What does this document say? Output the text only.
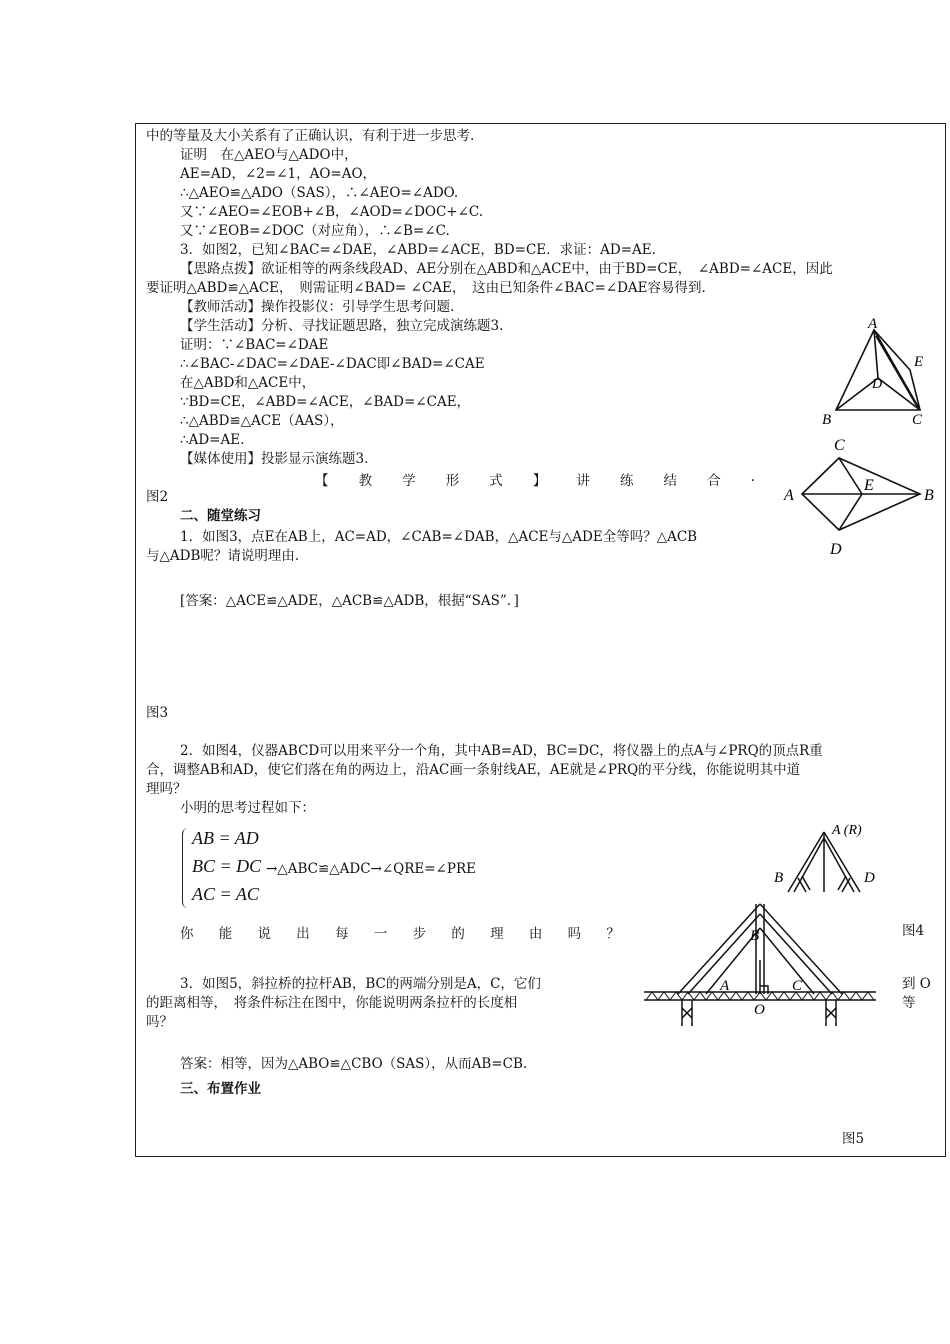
中的等量及大小关系有了正确认识，有利于进一步思考.
证明　在△AEO与△ADO中，
AE=AD，∠2=∠1，AO=AO，
∴△AEO≌△ADO（SAS），∴∠AEO=∠ADO.
又∵∠AEO=∠EOB+∠B，∠AOD=∠DOC+∠C.
又∵∠EOB=∠DOC（对应角），∴∠B=∠C.
3．如图2，已知∠BAC=∠DAE，∠ABD=∠ACE，BD=CE．求证：AD=AE.
【思路点拨】欲证相等的两条线段AD、AE分别在△ABD和△ACE中，由于BD=CE，　∠ABD=∠ACE，因此
要证明△ABD≌△ACE，　则需证明∠BAD= ∠CAE，　这由已知条件∠BAC=∠DAE容易得到.
【教师活动】操作投影仪：引导学生思考问题.
【学生活动】分析、寻找证题思路，独立完成演练题3.
证明：∵∠BAC=∠DAE
∴∠BAC-∠DAC=∠DAE-∠DAC即∠BAD=∠CAE
在△ABD和△ACE中，
∵BD=CE，∠ABD=∠ACE，∠BAD=∠CAE，
∴△ABD≌△ACE（AAS），
∴AD=AE.
【媒体使用】投影显示演练题3.
【 教 学 形 式 】 讲 练 结 合 .
图2
二、随堂练习
1．如图3，点E在AB上，AC=AD，∠CAB=∠DAB，△ACE与△ADE全等吗？△ACB
与△ADB呢？请说明理由.
[答案：△ACE≌△ADE，△ACB≌△ADB，根据“SAS”．]
图3
2．如图4，仪器ABCD可以用来平分一个角，其中AB=AD，BC=DC，将仪器上的点A与∠PRQ的顶点R重
合，调整AB和AD，使它们落在角的两边上，沿AC画一条射线AE，AE就是∠PRQ的平分线，你能说明其中道
理吗？
小明的思考过程如下：
AB = AD
BC = DC
AC = AC
→△ABC≌△ADC→∠QRE=∠PRE
你 能 说 出 每 一 步 的 理 由 吗 ？	图4
3．如图5，斜拉桥的拉杆AB，BC的两端分别是A，C，它们	到 O
的距离相等，　将条件标注在图中，你能说明两条拉杆的长度相	等
吗？
答案：相等，因为△ABO≌△CBO（SAS），从而AB=CB.
三、布置作业
图5
A
B	C
D
E
C
A	B
E
D
A (R)
B	D
B
A	C
O
